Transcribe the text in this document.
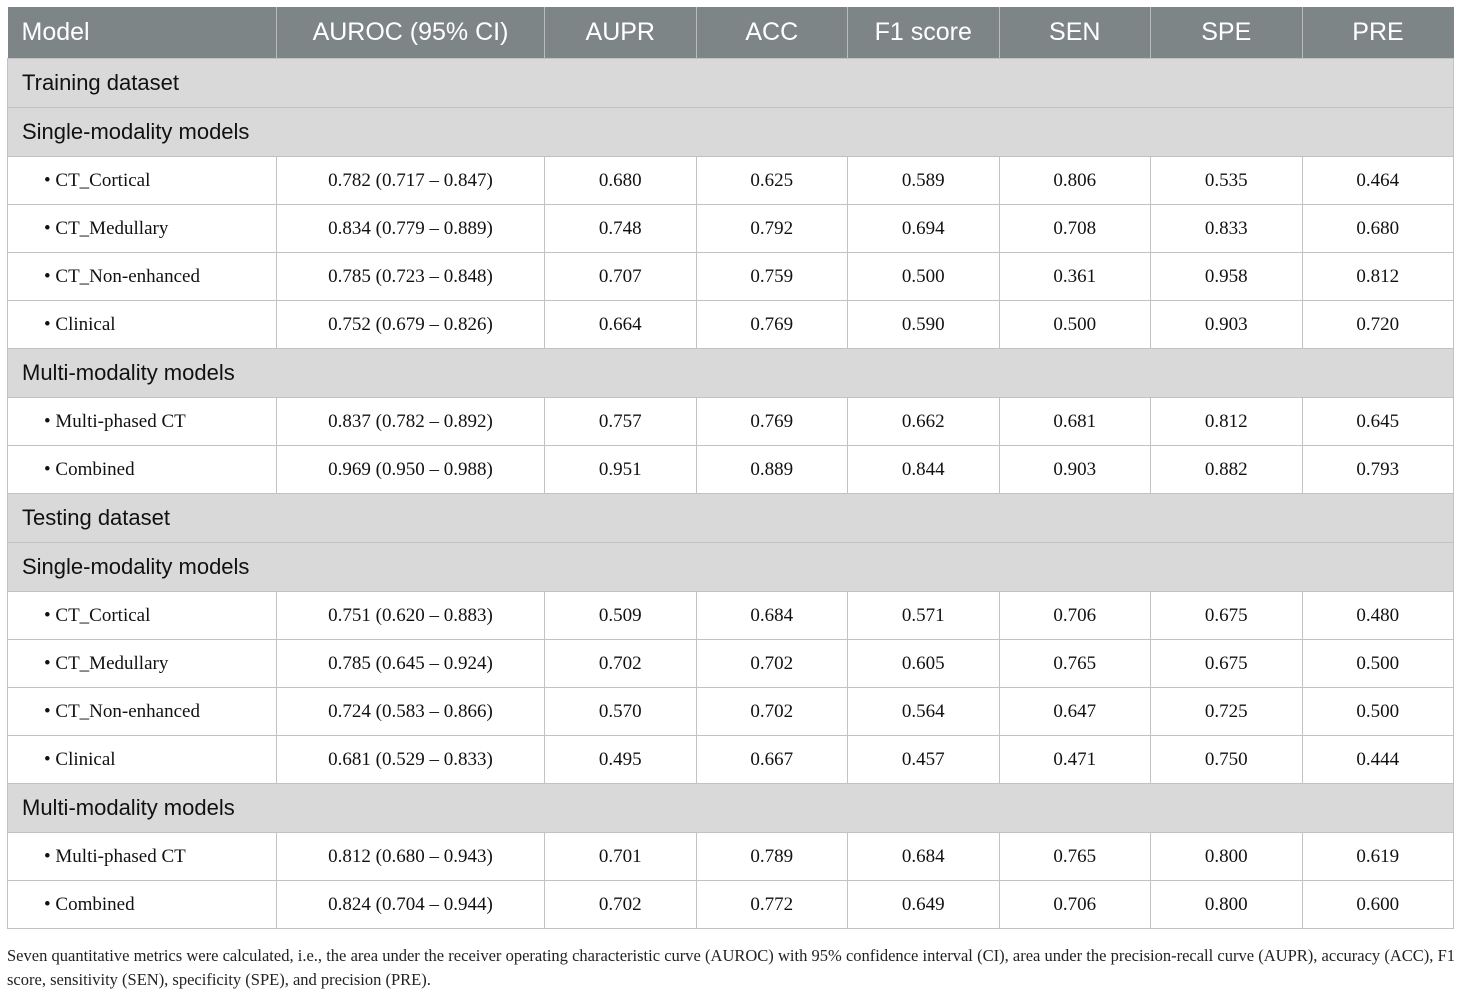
Model	AUROC (95% CI)	AUPR	ACC	F1 score	SEN	SPE	PRE
Training dataset							
Single-modality models							
• CT_Cortical	0.782 (0.717 – 0.847)	0.680	0.625	0.589	0.806	0.535	0.464
• CT_Medullary	0.834 (0.779 – 0.889)	0.748	0.792	0.694	0.708	0.833	0.680
• CT_Non-enhanced	0.785 (0.723 – 0.848)	0.707	0.759	0.500	0.361	0.958	0.812
• Clinical	0.752 (0.679 – 0.826)	0.664	0.769	0.590	0.500	0.903	0.720
Multi-modality models							
• Multi-phased CT	0.837 (0.782 – 0.892)	0.757	0.769	0.662	0.681	0.812	0.645
• Combined	0.969 (0.950 – 0.988)	0.951	0.889	0.844	0.903	0.882	0.793
Testing dataset							
Single-modality models							
• CT_Cortical	0.751 (0.620 – 0.883)	0.509	0.684	0.571	0.706	0.675	0.480
• CT_Medullary	0.785 (0.645 – 0.924)	0.702	0.702	0.605	0.765	0.675	0.500
• CT_Non-enhanced	0.724 (0.583 – 0.866)	0.570	0.702	0.564	0.647	0.725	0.500
• Clinical	0.681 (0.529 – 0.833)	0.495	0.667	0.457	0.471	0.750	0.444
Multi-modality models							
• Multi-phased CT	0.812 (0.680 – 0.943)	0.701	0.789	0.684	0.765	0.800	0.619
• Combined	0.824 (0.704 – 0.944)	0.702	0.772	0.649	0.706	0.800	0.600
Seven quantitative metrics were calculated, i.e., the area under the receiver operating characteristic curve (AUROC) with 95% confidence interval (CI), area under the precision-recall curve (AUPR), accuracy (ACC), F1 score, sensitivity (SEN), specificity (SPE), and precision (PRE).
